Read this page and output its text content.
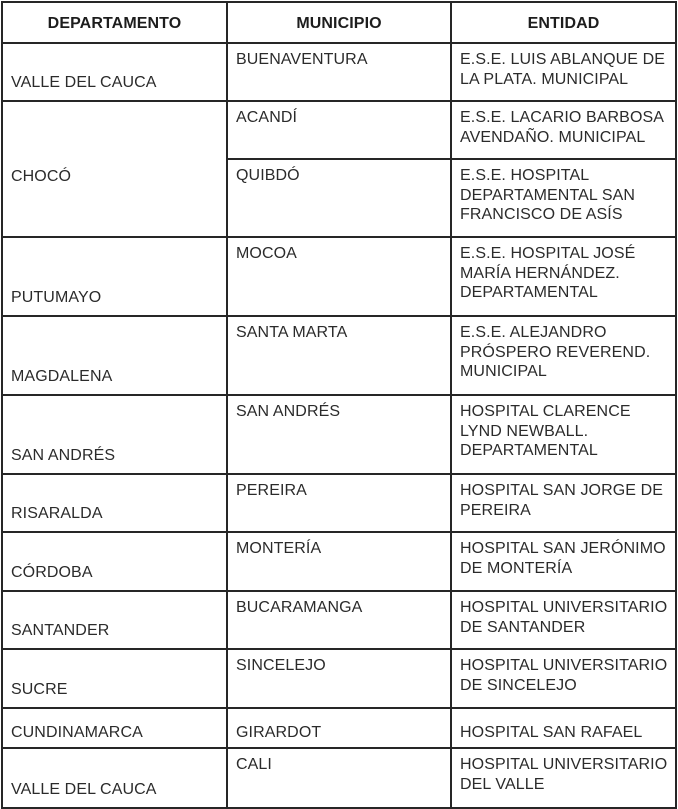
DEPARTAMENTO	MUNICIPIO	ENTIDAD
VALLE DEL CAUCA	BUENAVENTURA	E.S.E. LUIS ABLANQUE DE LA PLATA. MUNICIPAL
CHOCÓ	ACANDÍ	E.S.E. LACARIO BARBOSA AVENDAÑO. MUNICIPAL
	QUIBDÓ	E.S.E. HOSPITAL DEPARTAMENTAL SAN FRANCISCO DE ASÍS
PUTUMAYO	MOCOA	E.S.E. HOSPITAL JOSÉ MARÍA HERNÁNDEZ. DEPARTAMENTAL
MAGDALENA	SANTA MARTA	E.S.E. ALEJANDRO PRÓSPERO REVEREND. MUNICIPAL
SAN ANDRÉS	SAN ANDRÉS	HOSPITAL CLARENCE LYND NEWBALL. DEPARTAMENTAL
RISARALDA	PEREIRA	HOSPITAL SAN JORGE DE PEREIRA
CÓRDOBA	MONTERÍA	HOSPITAL SAN JERÓNIMO DE MONTERÍA
SANTANDER	BUCARAMANGA	HOSPITAL UNIVERSITARIO DE SANTANDER
SUCRE	SINCELEJO	HOSPITAL UNIVERSITARIO DE SINCELEJO
CUNDINAMARCA	GIRARDOT	HOSPITAL SAN RAFAEL
VALLE DEL CAUCA	CALI	HOSPITAL UNIVERSITARIO DEL VALLE
